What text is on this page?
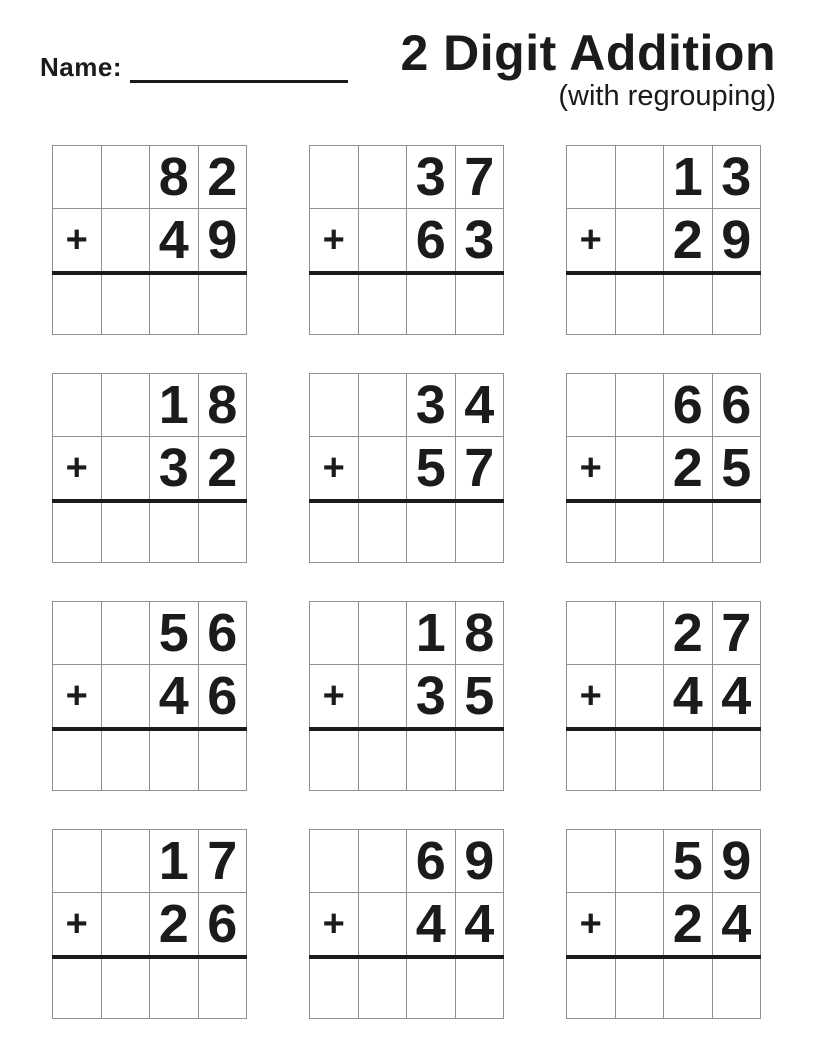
Name:	2 Digit Addition
(with regrouping)
8 2
+ 4 9
3 7
+ 6 3
1 3
+ 2 9
1 8
+ 3 2
3 4
+ 5 7
6 6
+ 2 5
5 6
+ 4 6
1 8
+ 3 5
2 7
+ 4 4
1 7
+ 2 6
6 9
+ 4 4
5 9
+ 2 4
